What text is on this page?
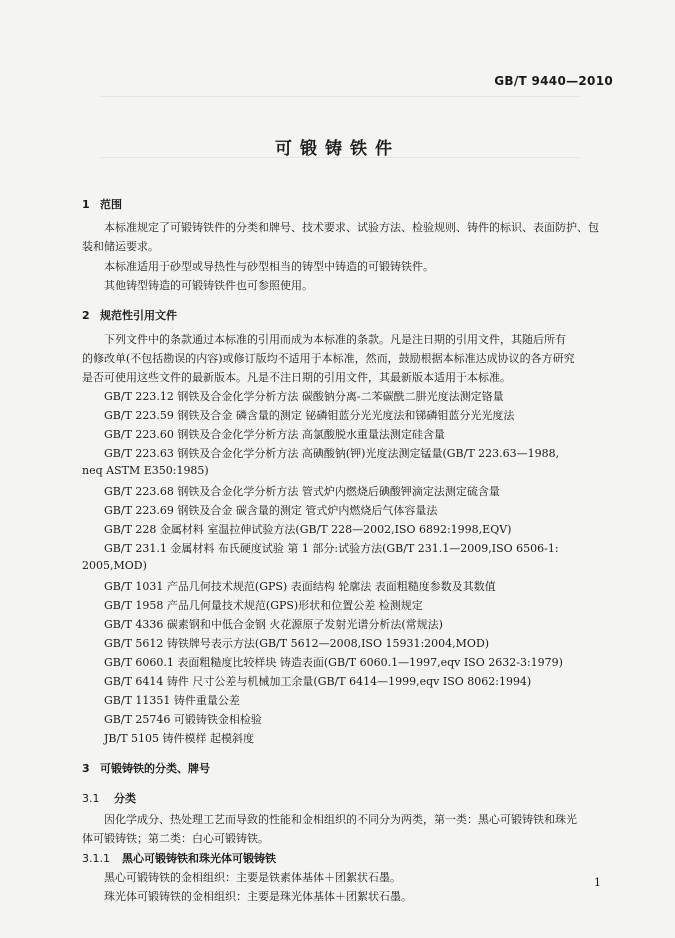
GB/T 9440—2010
可锻铸铁件
1 范围
本标准规定了可锻铸铁件的分类和牌号、技术要求、试验方法、检验规则、铸件的标识、表面防护、包
装和储运要求。
本标准适用于砂型或导热性与砂型相当的铸型中铸造的可锻铸铁件。
其他铸型铸造的可锻铸铁件也可参照使用。
2 规范性引用文件
下列文件中的条款通过本标准的引用而成为本标准的条款。凡是注日期的引用文件，其随后所有
的修改单(不包括勘误的内容)或修订版均不适用于本标准，然而，鼓励根据本标准达成协议的各方研究
是否可使用这些文件的最新版本。凡是不注日期的引用文件，其最新版本适用于本标准。
GB/T 223.12 钢铁及合金化学分析方法 碳酸钠分离-二苯碳酰二肼光度法测定铬量
GB/T 223.59 钢铁及合金 磷含量的测定 铋磷钼蓝分光光度法和锑磷钼蓝分光光度法
GB/T 223.60 钢铁及合金化学分析方法 高氯酸脱水重量法测定硅含量
GB/T 223.63 钢铁及合金化学分析方法 高碘酸钠(钾)光度法测定锰量(GB/T 223.63—1988,
neq ASTM E350:1985)
GB/T 223.68 钢铁及合金化学分析方法 管式炉内燃烧后碘酸钾滴定法测定硫含量
GB/T 223.69 钢铁及合金 碳含量的测定 管式炉内燃烧后气体容量法
GB/T 228 金属材料 室温拉伸试验方法(GB/T 228—2002,ISO 6892:1998,EQV)
GB/T 231.1 金属材料 布氏硬度试验 第 1 部分:试验方法(GB/T 231.1—2009,ISO 6506-1:
2005,MOD)
GB/T 1031 产品几何技术规范(GPS) 表面结构 轮廓法 表面粗糙度参数及其数值
GB/T 1958 产品几何量技术规范(GPS)形状和位置公差 检测规定
GB/T 4336 碳素钢和中低合金钢 火花源原子发射光谱分析法(常规法)
GB/T 5612 铸铁牌号表示方法(GB/T 5612—2008,ISO 15931:2004,MOD)
GB/T 6060.1 表面粗糙度比较样块 铸造表面(GB/T 6060.1—1997,eqv ISO 2632-3:1979)
GB/T 6414 铸件 尺寸公差与机械加工余量(GB/T 6414—1999,eqv ISO 8062:1994)
GB/T 11351 铸件重量公差
GB/T 25746 可锻铸铁金相检验
JB/T 5105 铸件模样 起模斜度
3 可锻铸铁的分类、牌号
3.1 分类
因化学成分、热处理工艺而导致的性能和金相组织的不同分为两类，第一类：黑心可锻铸铁和珠光
体可锻铸铁；第二类：白心可锻铸铁。
3.1.1 黑心可锻铸铁和珠光体可锻铸铁
黑心可锻铸铁的金相组织：主要是铁素体基体＋团絮状石墨。
珠光体可锻铸铁的金相组织：主要是珠光体基体＋团絮状石墨。
1
